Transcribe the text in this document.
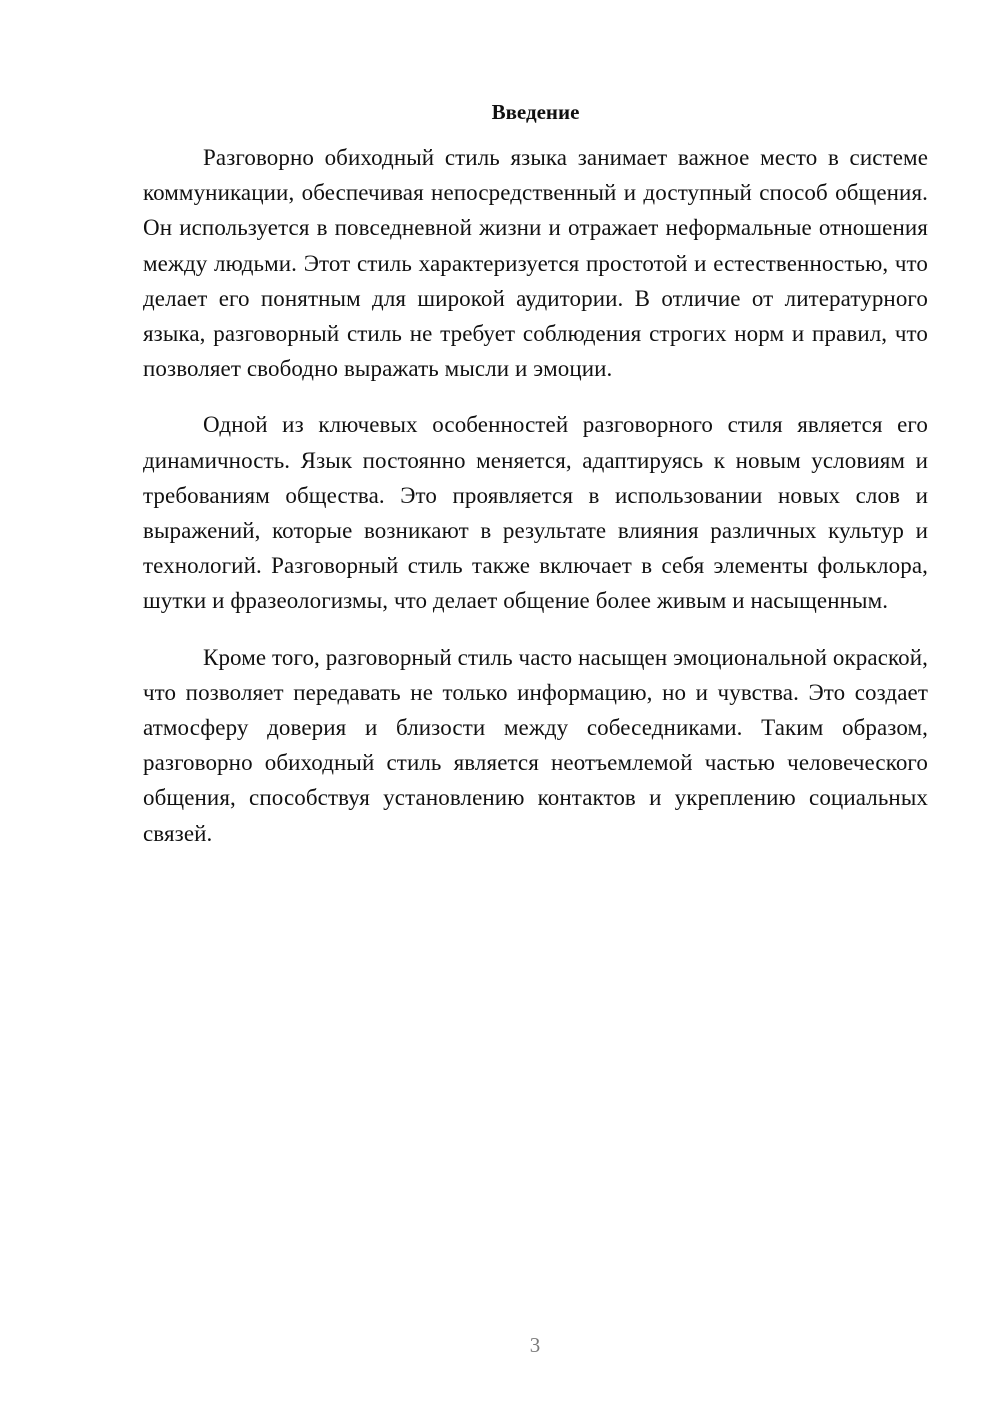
Введение

Разговорно обиходный стиль языка занимает важное место в системе коммуникации, обеспечивая непосредственный и доступный способ общения. Он используется в повседневной жизни и отражает неформальные отношения между людьми. Этот стиль характеризуется простотой и естественностью, что делает его понятным для широкой аудитории. В отличие от литературного языка, разговорный стиль не требует соблюдения строгих норм и правил, что позволяет свободно выражать мысли и эмоции.

Одной из ключевых особенностей разговорного стиля является его динамичность. Язык постоянно меняется, адаптируясь к новым условиям и требованиям общества. Это проявляется в использовании новых слов и выражений, которые возникают в результате влияния различных культур и технологий. Разговорный стиль также включает в себя элементы фольклора, шутки и фразеологизмы, что делает общение более живым и насыщенным.

Кроме того, разговорный стиль часто насыщен эмоциональной окраской, что позволяет передавать не только информацию, но и чувства. Это создает атмосферу доверия и близости между собеседниками. Таким образом, разговорно обиходный стиль является неотъемлемой частью человеческого общения, способствуя установлению контактов и укреплению социальных связей.

3
